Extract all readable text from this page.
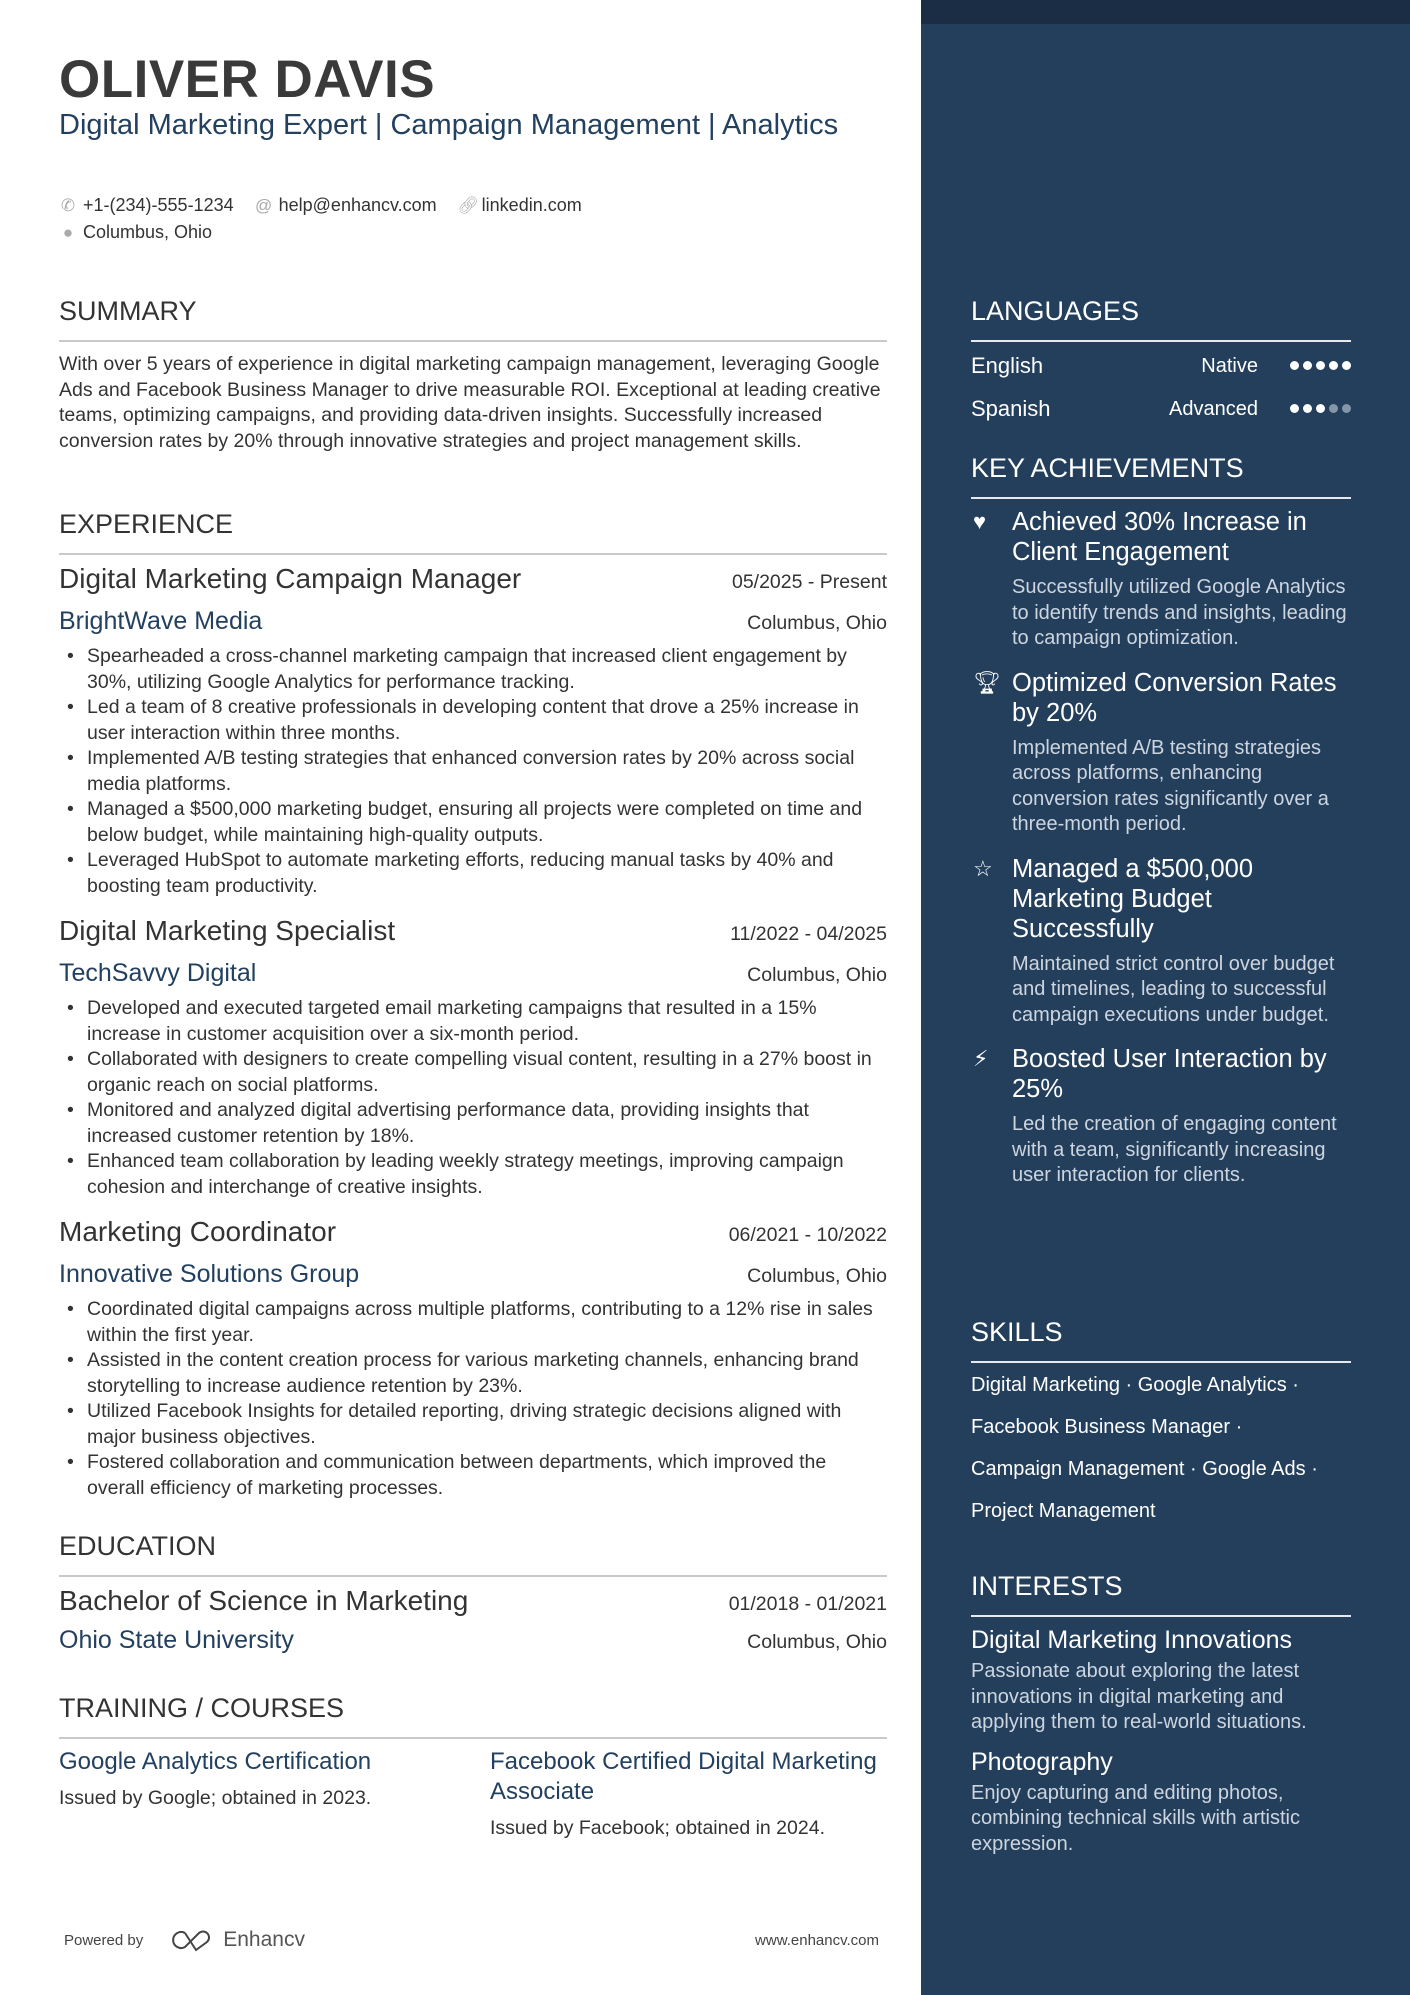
OLIVER DAVIS
Digital Marketing Expert | Campaign Management | Analytics
✆ +1-(234)-555-1234
@ help@enhancv.com
🔗︎ linkedin.com
● Columbus, Ohio
SUMMARY
With over 5 years of experience in digital marketing campaign management, leveraging Google Ads and Facebook Business Manager to drive measurable ROI. Exceptional at leading creative teams, optimizing campaigns, and providing data-driven insights. Successfully increased conversion rates by 20% through innovative strategies and project management skills.
EXPERIENCE
Digital Marketing Campaign Manager	05/2025 - Present
BrightWave Media	Columbus, Ohio
• Spearheaded a cross-channel marketing campaign that increased client engagement by 30%, utilizing Google Analytics for performance tracking.
• Led a team of 8 creative professionals in developing content that drove a 25% increase in user interaction within three months.
• Implemented A/B testing strategies that enhanced conversion rates by 20% across social media platforms.
• Managed a $500,000 marketing budget, ensuring all projects were completed on time and below budget, while maintaining high-quality outputs.
• Leveraged HubSpot to automate marketing efforts, reducing manual tasks by 40% and boosting team productivity.
Digital Marketing Specialist	11/2022 - 04/2025
TechSavvy Digital	Columbus, Ohio
• Developed and executed targeted email marketing campaigns that resulted in a 15% increase in customer acquisition over a six-month period.
• Collaborated with designers to create compelling visual content, resulting in a 27% boost in organic reach on social platforms.
• Monitored and analyzed digital advertising performance data, providing insights that increased customer retention by 18%.
• Enhanced team collaboration by leading weekly strategy meetings, improving campaign cohesion and interchange of creative insights.
Marketing Coordinator	06/2021 - 10/2022
Innovative Solutions Group	Columbus, Ohio
• Coordinated digital campaigns across multiple platforms, contributing to a 12% rise in sales within the first year.
• Assisted in the content creation process for various marketing channels, enhancing brand storytelling to increase audience retention by 23%.
• Utilized Facebook Insights for detailed reporting, driving strategic decisions aligned with major business objectives.
• Fostered collaboration and communication between departments, which improved the overall efficiency of marketing processes.
EDUCATION
Bachelor of Science in Marketing	01/2018 - 01/2021
Ohio State University	Columbus, Ohio
TRAINING / COURSES
Google Analytics Certification
Issued by Google; obtained in 2023.
Facebook Certified Digital Marketing Associate
Issued by Facebook; obtained in 2024.
Powered by	Enhancv	www.enhancv.com
LANGUAGES
English	Native
Spanish	Advanced
KEY ACHIEVEMENTS
♥	Achieved 30% Increase in Client Engagement
Successfully utilized Google Analytics to identify trends and insights, leading to campaign optimization.
🏆︎ Optimized Conversion Rates by 20%
Implemented A/B testing strategies across platforms, enhancing conversion rates significantly over a three-month period.
☆ Managed a $500,000 Marketing Budget Successfully
Maintained strict control over budget and timelines, leading to successful campaign executions under budget.
⚡︎ Boosted User Interaction by 25%
Led the creation of engaging content with a team, significantly increasing user interaction for clients.
SKILLS
Digital Marketing · Google Analytics ·
Facebook Business Manager ·
Campaign Management · Google Ads ·
Project Management
INTERESTS
Digital Marketing Innovations
Passionate about exploring the latest innovations in digital marketing and applying them to real-world situations.
Photography
Enjoy capturing and editing photos, combining technical skills with artistic expression.
